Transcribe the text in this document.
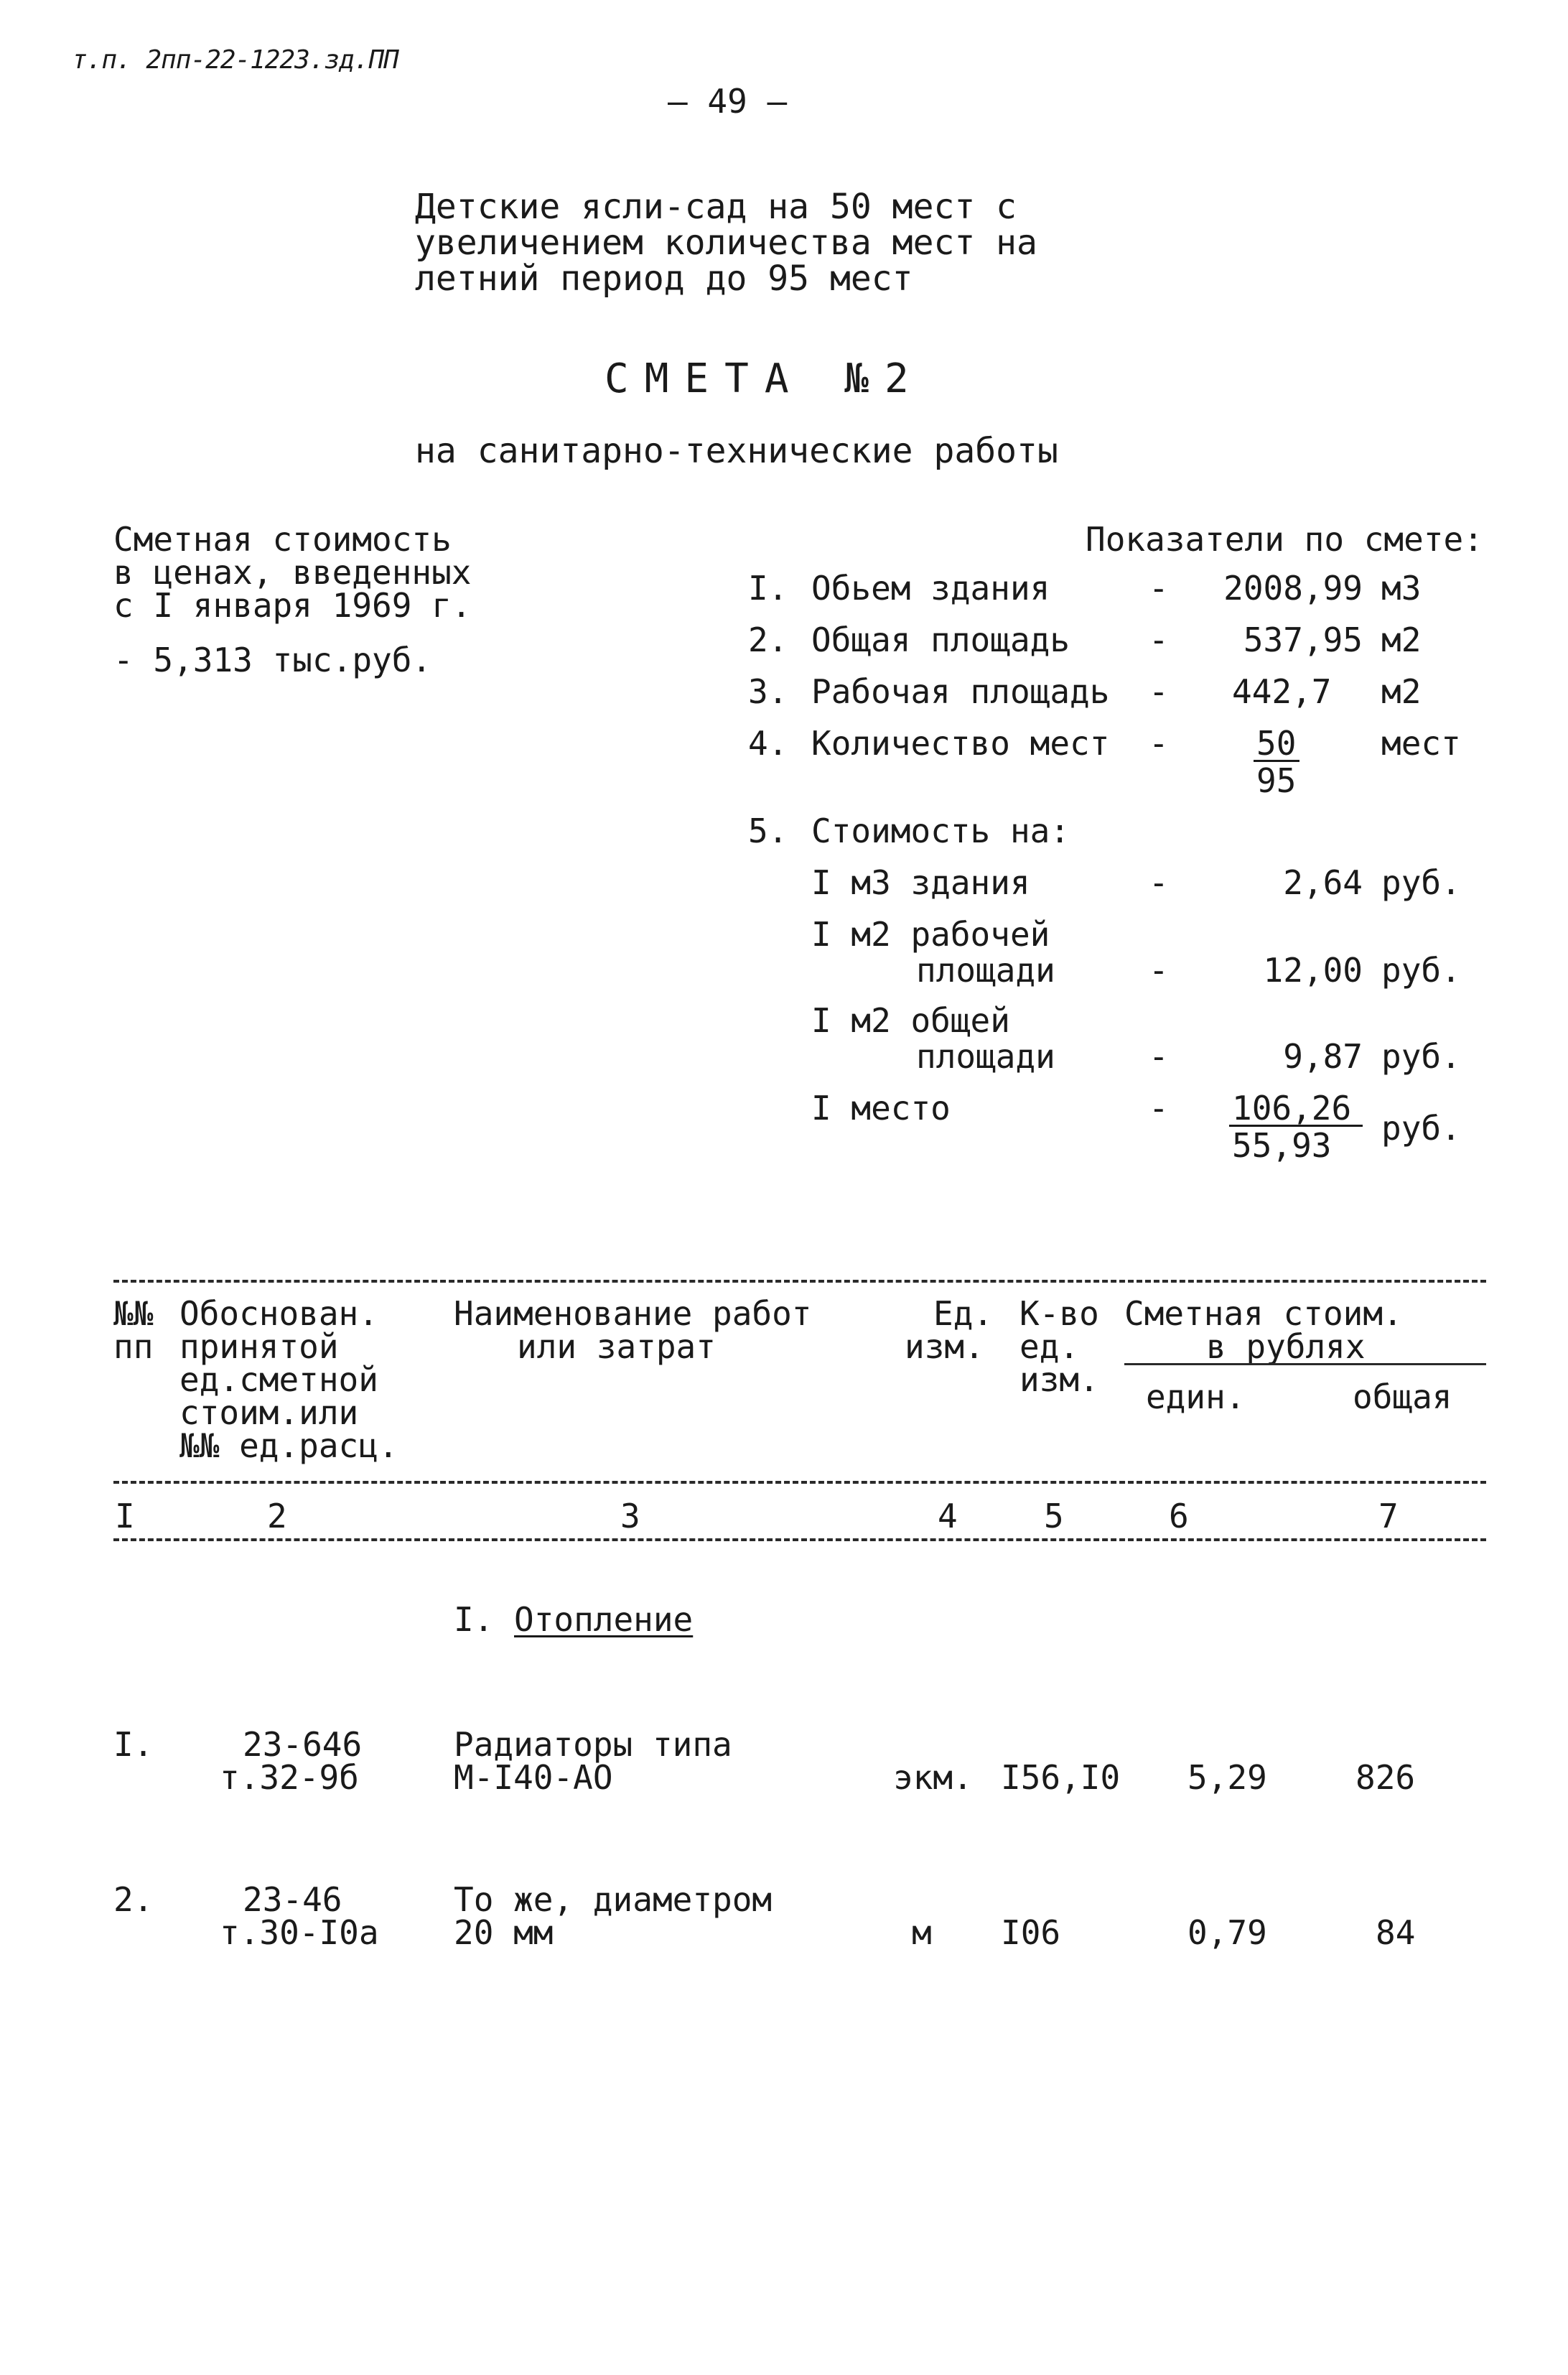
т.п. 2пп-22-1223.зд.ПП
— 49 —
Детские ясли-сад на 50 мест с
увеличением количества мест на
летний период до 95 мест
СМЕТА №2
на санитарно-технические работы
Сметная стоимость
в ценах, введенных
с I января 1969 г.
- 5,313 тыс.руб.
Показатели по смете:
I. Обьем здания	-	2008,99 м3
2. Общая площадь -	537,95 м2
3. Рабочая площадь - 442,7 м2
4. Количество мест -	50
95
мест
5. Стоимость на:
I м3 здания	-	2,64 руб.
I м2 рабочей
площади	-	12,00 руб.
I м2 общей
площади	-	9,87 руб.
I место	- 106,26
55,93 руб.
№№
пп
Обоснован.
принятой
ед.сметной
стоим.или
№№ ед.расц.
Наименование работ
или затрат
Ед.
изм.
К-во
ед.
изм.
Сметная стоим.
в рублях
един.	общая
I	2	3	4	5	6	7
I. Отопление
I.	23-646
т.32-9б
Радиаторы типа
М-I40-АО	экм. I56,I0 5,29	826
2.	23-46
т.30-I0а
То же, диаметром
20 мм	м I06	0,79	84
